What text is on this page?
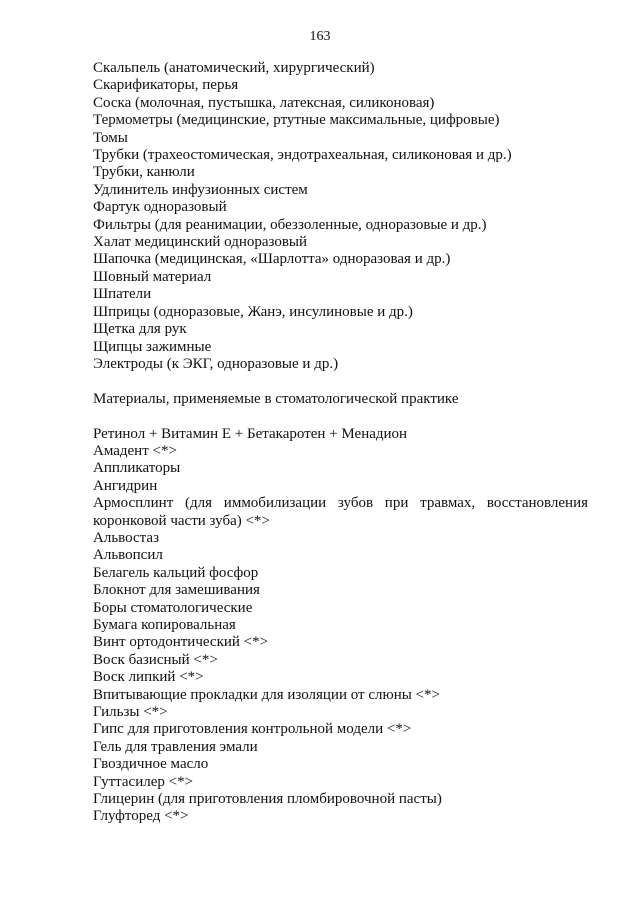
163
Скальпель (анатомический, хирургический)
Скарификаторы, перья
Соска (молочная, пустышка, латексная, силиконовая)
Термометры (медицинские, ртутные максимальные, цифровые)
Томы
Трубки (трахеостомическая, эндотрахеальная, силиконовая и др.)
Трубки, канюли
Удлинитель инфузионных систем
Фартук одноразовый
Фильтры (для реанимации, обеззоленные, одноразовые и др.)
Халат медицинский одноразовый
Шапочка (медицинская, «Шарлотта» одноразовая и др.)
Шовный материал
Шпатели
Шприцы (одноразовые, Жанэ, инсулиновые и др.)
Щетка для рук
Щипцы зажимные
Электроды (к ЭКГ, одноразовые и др.)

Материалы, применяемые в стоматологической практике

Ретинол + Витамин Е + Бетакаротен + Менадион
Амадент <*>
Аппликаторы
Ангидрин
Армосплинт (для иммобилизации зубов при травмах, восстановления коронковой части зуба) <*>
Альвостаз
Альвопсил
Белагель кальций фосфор
Блокнот для замешивания
Боры стоматологические
Бумага копировальная
Винт ортодонтический <*>
Воск базисный <*>
Воск липкий <*>
Впитывающие прокладки для изоляции от слюны <*>
Гильзы <*>
Гипс для приготовления контрольной модели <*>
Гель для травления эмали
Гвоздичное масло
Гуттасилер <*>
Глицерин (для приготовления пломбировочной пасты)
Глуфторед <*>
